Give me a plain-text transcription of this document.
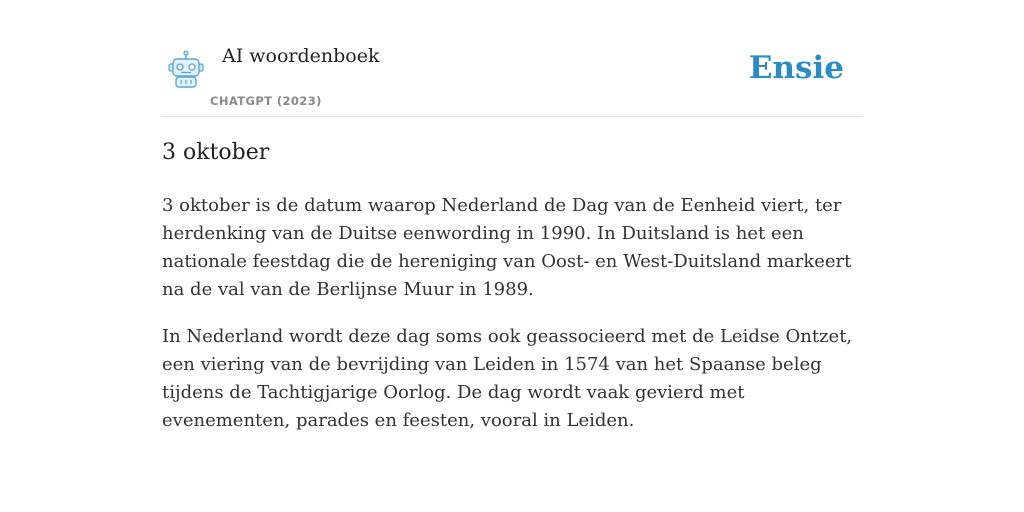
AI woordenboek
CHATGPT (2023)
Ensie
3 oktober

3 oktober is de datum waarop Nederland de Dag van de Eenheid viert, ter herdenking van de Duitse eenwording in 1990. In Duitsland is het een nationale feestdag die de hereniging van Oost- en West-Duitsland markeert na de val van de Berlijnse Muur in 1989.

In Nederland wordt deze dag soms ook geassocieerd met de Leidse Ontzet, een viering van de bevrijding van Leiden in 1574 van het Spaanse beleg tijdens de Tachtigjarige Oorlog. De dag wordt vaak gevierd met evenementen, parades en feesten, vooral in Leiden.
